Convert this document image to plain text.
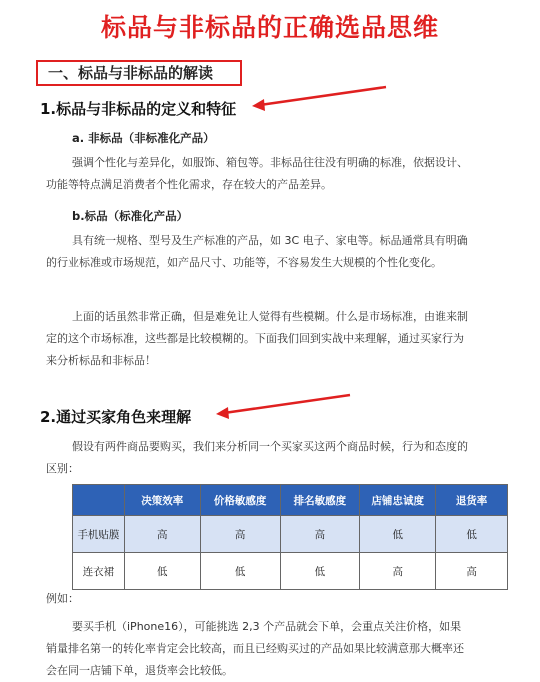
标品与非标品的正确选品思维
一、标品与非标品的解读
1.标品与非标品的定义和特征
a. 非标品（非标准化产品）
强调个性化与差异化，如服饰、箱包等。非标品往往没有明确的标准，依据设计、
功能等特点满足消费者个性化需求，存在较大的产品差异。
b.标品（标准化产品）
具有统一规格、型号及生产标准的产品，如 3C 电子、家电等。标品通常具有明确
的行业标准或市场规范，如产品尺寸、功能等，不容易发生大规模的个性化变化。
上面的话虽然非常正确，但是难免让人觉得有些模糊。什么是市场标准，由谁来制
定的这个市场标准，这些都是比较模糊的。下面我们回到实战中来理解，通过买家行为
来分析标品和非标品！
2.通过买家角色来理解
假设有两件商品要购买，我们来分析同一个买家买这两个商品时候，行为和态度的
区别：
	决策效率	价格敏感度	排名敏感度	店铺忠诚度	退货率
手机贴膜	高	高	高	低	低
连衣裙	低	低	低	高	高
例如：
要买手机（iPhone16），可能挑选 2,3 个产品就会下单，会重点关注价格，如果
销量排名第一的转化率肯定会比较高，而且已经购买过的产品如果比较满意那大概率还
会在同一店铺下单，退货率会比较低。
